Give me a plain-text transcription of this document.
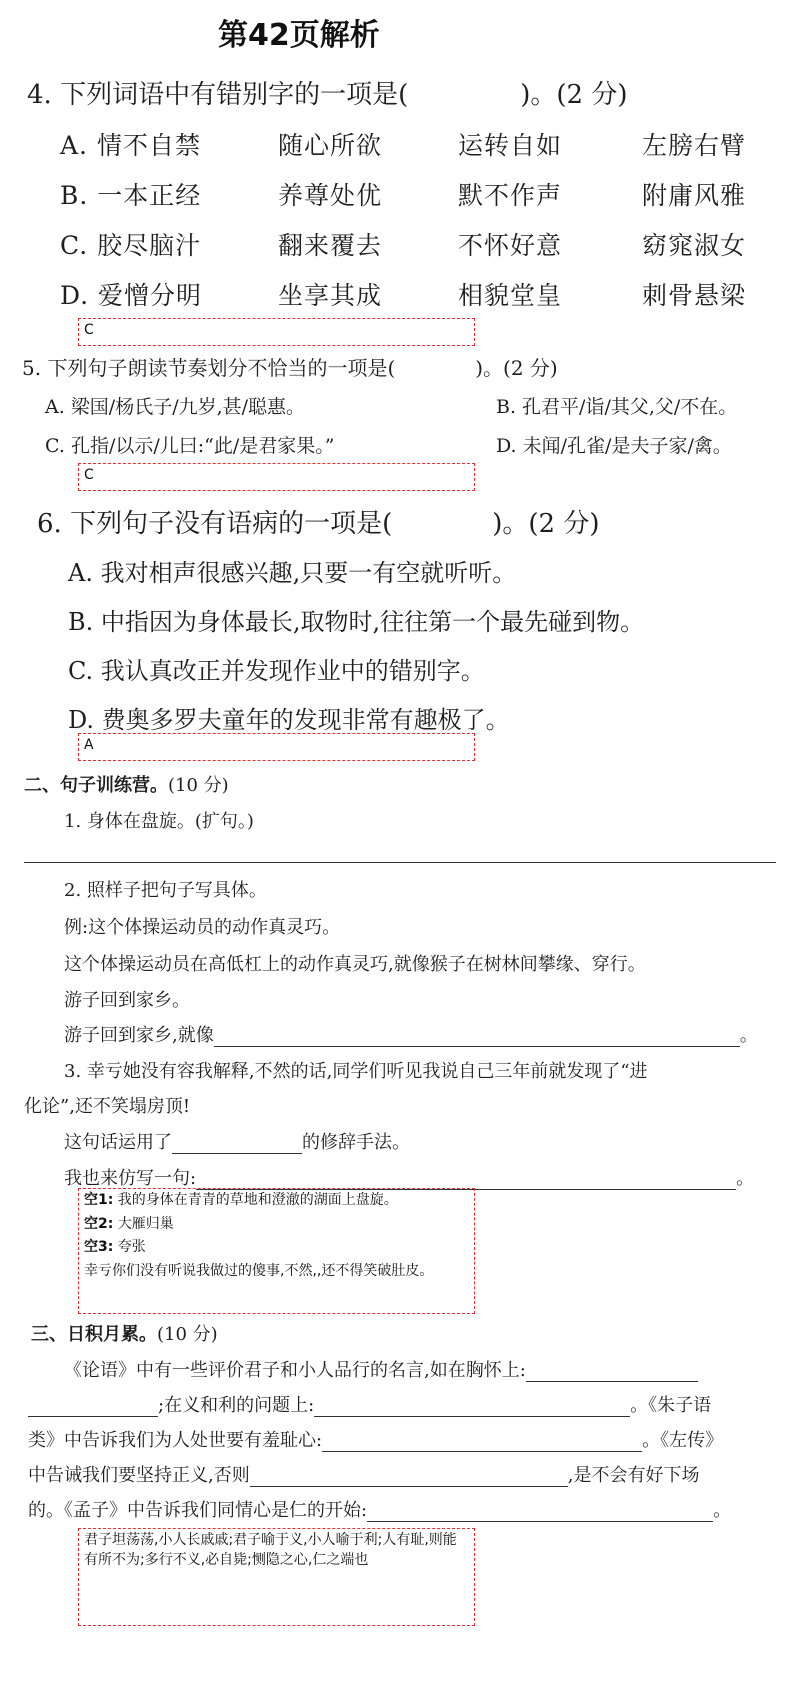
第42页解析
4. 下列词语中有错别字的一项是(	)。(2 分)
A. 情不自禁	随心所欲	运转自如	左膀右臂
B. 一本正经	养尊处优	默不作声	附庸风雅
C. 胶尽脑汁	翻来覆去	不怀好意	窈窕淑女
D. 爱憎分明	坐享其成	相貌堂皇	刺骨悬梁
C
5. 下列句子朗读节奏划分不恰当的一项是(	)。(2 分)
A. 梁国/杨氏子/九岁,甚/聪惠。	B. 孔君平/诣/其父,父/不在。
C. 孔指/以示/儿曰:“此/是君家果。”	D. 未闻/孔雀/是夫子家/禽。
C
6. 下列句子没有语病的一项是(	)。(2 分)
A. 我对相声很感兴趣,只要一有空就听听。
B. 中指因为身体最长,取物时,往往第一个最先碰到物。
C. 我认真改正并发现作业中的错别字。
D. 费奥多罗夫童年的发现非常有趣极了。
A
二、句子训练营。(10 分)
1. 身体在盘旋。(扩句。)
2. 照样子把句子写具体。
例:这个体操运动员的动作真灵巧。
这个体操运动员在高低杠上的动作真灵巧,就像猴子在树林间攀缘、穿行。
游子回到家乡。
游子回到家乡,就像	。
3. 幸亏她没有容我解释,不然的话,同学们听见我说自己三年前就发现了“进
化论”,还不笑塌房顶!
这句话运用了	的修辞手法。
我也来仿写一句:	。
空1: 我的身体在青青的草地和澄澈的湖面上盘旋。
空2: 大雁归巢
空3: 夸张
幸亏你们没有听说我做过的傻事,不然,,还不得笑破肚皮。
三、日积月累。(10 分)
《论语》中有一些评价君子和小人品行的名言,如在胸怀上:
;在义和利的问题上:	。《朱子语
类》中告诉我们为人处世要有羞耻心:	。《左传》
中告诫我们要坚持正义,否则	,是不会有好下场
的。《孟子》中告诉我们同情心是仁的开始:	。
君子坦荡荡,小人长戚戚;君子喻于义,小人喻于利;人有耻,则能有所不为;多行不义,必自毙;恻隐之心,仁之端也
